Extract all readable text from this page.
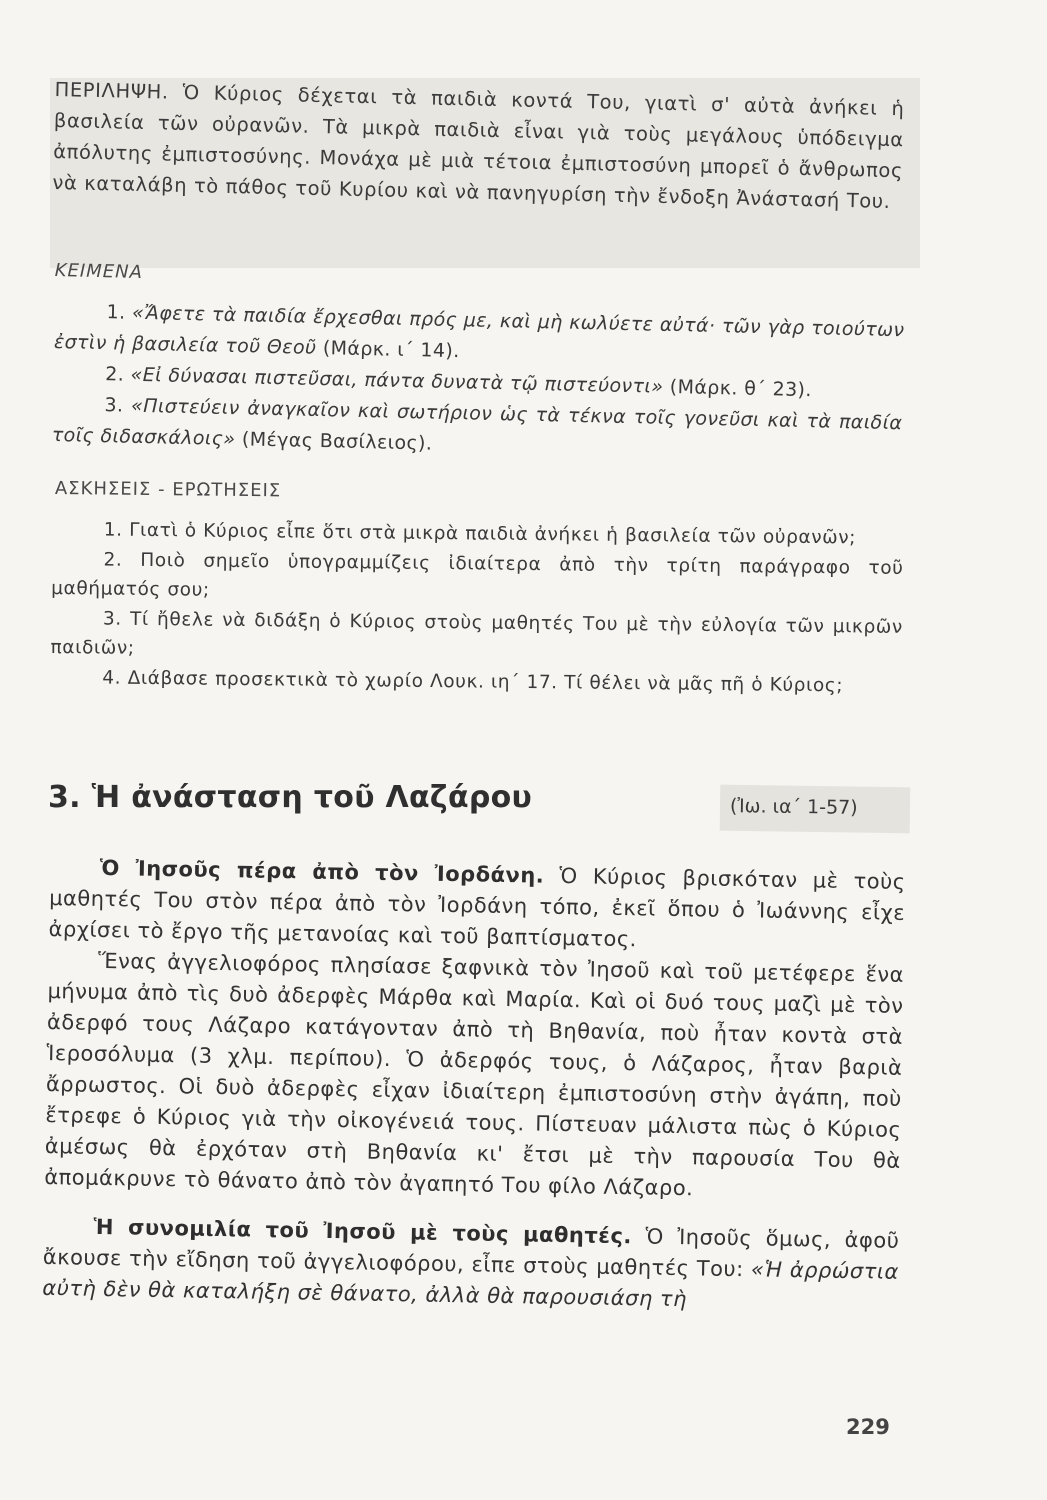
ΠΕΡΙΛΗΨΗ. Ὁ Κύριος δέχεται τὰ παιδιὰ κοντά Του, γιατὶ σ' αὐτὰ ἀνήκει ἡ βασιλεία τῶν οὐρανῶν. Τὰ μικρὰ παιδιὰ εἶναι γιὰ τοὺς μεγάλους ὑπόδειγμα ἀπόλυτης ἐμπιστοσύνης. Μονάχα μὲ μιὰ τέτοια ἐμπιστοσύνη μπορεῖ ὁ ἄνθρωπος νὰ καταλάβη τὸ πάθος τοῦ Κυρίου καὶ νὰ πανηγυρίση τὴν ἔνδοξη Ἀνάστασή Του.
ΚΕΙΜΕΝΑ

1. «Ἄφετε τὰ παιδία ἔρχεσθαι πρός με, καὶ μὴ κωλύετε αὐτά· τῶν γὰρ τοιούτων ἐστὶν ἡ βασιλεία τοῦ Θεοῦ (Μάρκ. ι΄ 14).

2. «Εἰ δύνασαι πιστεῦσαι, πάντα δυνατὰ τῷ πιστεύοντι» (Μάρκ. θ΄ 23).

3. «Πιστεύειν ἀναγκαῖον καὶ σωτήριον ὡς τὰ τέκνα τοῖς γονεῦσι καὶ τὰ παιδία τοῖς διδασκάλοις» (Μέγας Βασίλειος).

ΑΣΚΗΣΕΙΣ - ΕΡΩΤΗΣΕΙΣ

1. Γιατὶ ὁ Κύριος εἶπε ὅτι στὰ μικρὰ παιδιὰ ἀνήκει ἡ βασιλεία τῶν οὐρανῶν;

2. Ποιὸ σημεῖο ὑπογραμμίζεις ἰδιαίτερα ἀπὸ τὴν τρίτη παράγραφο τοῦ μαθήματός σου;

3. Τί ἤθελε νὰ διδάξη ὁ Κύριος στοὺς μαθητές Του μὲ τὴν εὐλογία τῶν μικρῶν παιδιῶν;

4. Διάβασε προσεκτικὰ τὸ χωρίο Λουκ. ιη΄ 17. Τί θέλει νὰ μᾶς πῆ ὁ Κύριος;

3. Ἡ ἀνάσταση τοῦ Λαζάρου	(Ἰω. ια΄ 1-57)

Ὁ Ἰησοῦς πέρα ἀπὸ τὸν Ἰορδάνη. Ὁ Κύριος βρισκόταν μὲ τοὺς μαθητές Του στὸν πέρα ἀπὸ τὸν Ἰορδάνη τόπο, ἐκεῖ ὅπου ὁ Ἰωάννης εἶχε ἀρχίσει τὸ ἔργο τῆς μετανοίας καὶ τοῦ βαπτίσματος.

Ἕνας ἀγγελιοφόρος πλησίασε ξαφνικὰ τὸν Ἰησοῦ καὶ τοῦ μετέφερε ἕνα μήνυμα ἀπὸ τὶς δυὸ ἀδερφὲς Μάρθα καὶ Μαρία. Καὶ οἱ δυό τους μαζὶ μὲ τὸν ἀδερφό τους Λάζαρο κατάγονταν ἀπὸ τὴ Βηθανία, ποὺ ἦταν κοντὰ στὰ Ἱεροσόλυμα (3 χλμ. περίπου). Ὁ ἀδερφός τους, ὁ Λάζαρος, ἦταν βαριὰ ἄρρωστος. Οἱ δυὸ ἀδερφὲς εἶχαν ἰδιαίτερη ἐμπιστοσύνη στὴν ἀγάπη, ποὺ ἔτρεφε ὁ Κύριος γιὰ τὴν οἰκογένειά τους. Πίστευαν μάλιστα πὼς ὁ Κύριος ἀμέσως θὰ ἐρχόταν στὴ Βηθανία κι' ἔτσι μὲ τὴν παρουσία Του θὰ ἀπομάκρυνε τὸ θάνατο ἀπὸ τὸν ἀγαπητό Του φίλο Λάζαρο.

Ἡ συνομιλία τοῦ Ἰησοῦ μὲ τοὺς μαθητές. Ὁ Ἰησοῦς ὅμως, ἀφοῦ ἄκουσε τὴν εἴδηση τοῦ ἀγγελιοφόρου, εἶπε στοὺς μαθητές Του: «Ἡ ἀρρώστια αὐτὴ δὲν θὰ καταλήξη σὲ θάνατο, ἀλλὰ θὰ παρουσιάση τὴ

229
